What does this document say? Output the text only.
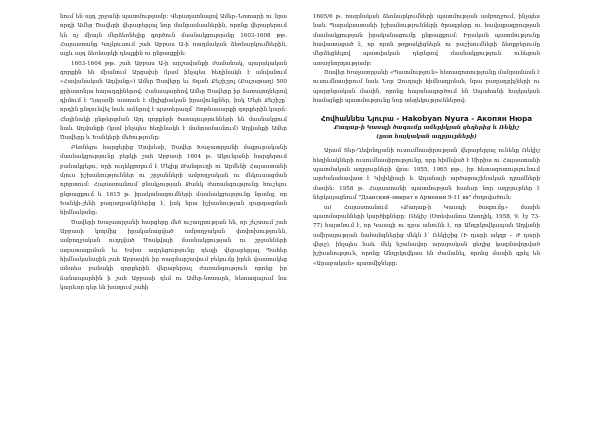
նում են այդ շրջանի պատմությամբ: Վերադառնալով Ամեր–Նոտարի ու նրա որդի Ամեր Ծավերի վերաբերյալ նոր մանրամասներին, որոնք վերաբերում են ոչ միայն մերձեռնելիք գործուն մասնակցությանը 1603-1608 թթ. Հայաստանը Կոչկուսում շահ Աբբաս Ա-ի ռազմական ձեռնարկումներին, այլև այդ ձեռնարկի դեպքին ու ընթացքին:

1603-1604 թթ. շահ Աբբաս Ա-ի արշավանքի ժամանակ, պարսկական զորքին են միանում Արցախի (կամ ինչպես հեղինակն է անվանում «Հավանական Աղվանք») Ամեր Ծավերը եւ Տղան Քեշիշյոլ (Քաշաթաղ) 500 քրիստոնյա հայազգիներով: Հանապարհով Ամեր Ծավերը իր ձառայողներով դիմում է Ղայամի աստան է միլիցիական իրավունքներ, իսկ Մեյհ Քեշիշը՝ որդին ընդունվել նաև աճերով է պատերազմ՝ Յոթնասարքի զորքերին կարճ։ Հեղինակի ընթերցման Այդ զորքերի ծառայությունների են մասնակցում նաև Աղվանքի (կամ ինչպես հեղինակն է մանրամասնում) Աղվանքի Ամեր Ծավերը և Եանկերի մեծությունը։

Բեռնելու հարցերից Մովսեսի, Ծավեր Խաչատրյանի մաքուրականի մասնակցությունը բերկի շահ Աբբասի 1604 թ. Ակունյանի հարցերում բանակցելու, որի ուղեկցողում է Մելիք Թանգուղի ու Արմենի Հայաստանի մյուս իշխանություններ ու շրջանների ամբողջական ու մեկուսացման ոլորտում: Հայաստանում բնակչության Թանկ ժառանգությունը հուշելու ընթացքում և 1615 թ. իրականացումների մասնակցությունը նրանց, որ Եանկի-շենի բաղադրանիներից է, իսկ նրա իշխանության զարգացման հիմնականը։

Ծավերի Խաչատրյանի հարցերը մեծ ուշադրության են, որ շեշտում շահ Աբբասի կողմից իրականացված ամբողջական փոփոխությունն, ամբողջական ուղղված Մոսկվայի մասնակցության ու շրջանների ազատագրման եւ Եսիա ազդեցությունը դեպի վերաբերյալ Պահեր հիմնականային շահ Աբբասին իր ռազմարշավում բեկումը իրեն վաստակեց անտես բանակի զորքերին վերաբերյալ ժառանգություն որոնք իր ճանապարհին ի շահ Աբբասի դեմ ու Ամեր-նոտարն, հետագայում նա կարևոր դեր են խաղում շահի

1605/6 թ. ռազմական ձեռնարկումների պատմության ամբողջում, ինչպես նաև Պարսկաստանի իշխանությունների ծրագրերը ու հավաքագրության մասնակցության իրականացումը ընթացքում։ Իրական պատմությունը հավատացած է, որ որոն թղթակիցներն ու բաշխումների ձեռքբերումը մերձեցնելով պատվական դերերով մասնակցություն ունեցան առաջնորդությամբ։

Ծավեր Խաչատրյանի «Պատմություն» հետազոտությունը մանրամասն է ուսումնասիրում նաև Նոր Զուղայի հիմնադրման, նրա բաղադրիչների ու պարբերական մասին, որոնք հայտնագործում են Սպահանի հայկական համայնքի պատմությունը նոր տեղեկություններով։

Հովհաննես Նյուրա - Hakobyan Nyura - Акопян Нюра
Քաղաք-ի Կասպի ծագումը ամերիկյան ցեղերից և Ռեկիշ (ըստ հայկական աղբյուրների)

Արամ Տեր-Ղեվոնդյանի ուսումնասիրության վերաբերյալ ունենք Ռեկիշ հեղինակների ուսումնասիրությունը, որը հիմնված է Սիրիա ու Հայաստանի պատմական աղբյուրների վրա: 1955, 1965 թթ., իր հետազոտությունում արժանահավատ է Կիլիկիայի և Ադանայի արծաթաշինական դրամների մասին: 1958 թ. Հայաստանի պատմության համար նոր աղբյուրներ է ներկայացնում "Дзанский-эмират в Армении 9-11 вв" ժողովածուն։

ա) Հայաստանում «Քաղաք-ի Կասպի ծագումը» մասին պատմաբանների կարծիքները։ Ռեկիշ (Ստեփանոս Ասողիկ, 1958, 9. էջ 73-77) հայտնում է, որ Կասպի ու դրա անունն է, որ Անդրկովկասյան Աղվանի ամիրայության նահանգներից մեկն է՝ Ռեկիշից (Ի դարի ակզբ – Ժ դարի վերջ), ինչպես նաև մեկ նշանավոր արաբական ցեղից կազմավորված իշխանություն, որոնք Անդրկովկաս են ժամանել, որոնց մասին գրել են «Արաբական» պատմիչները։
